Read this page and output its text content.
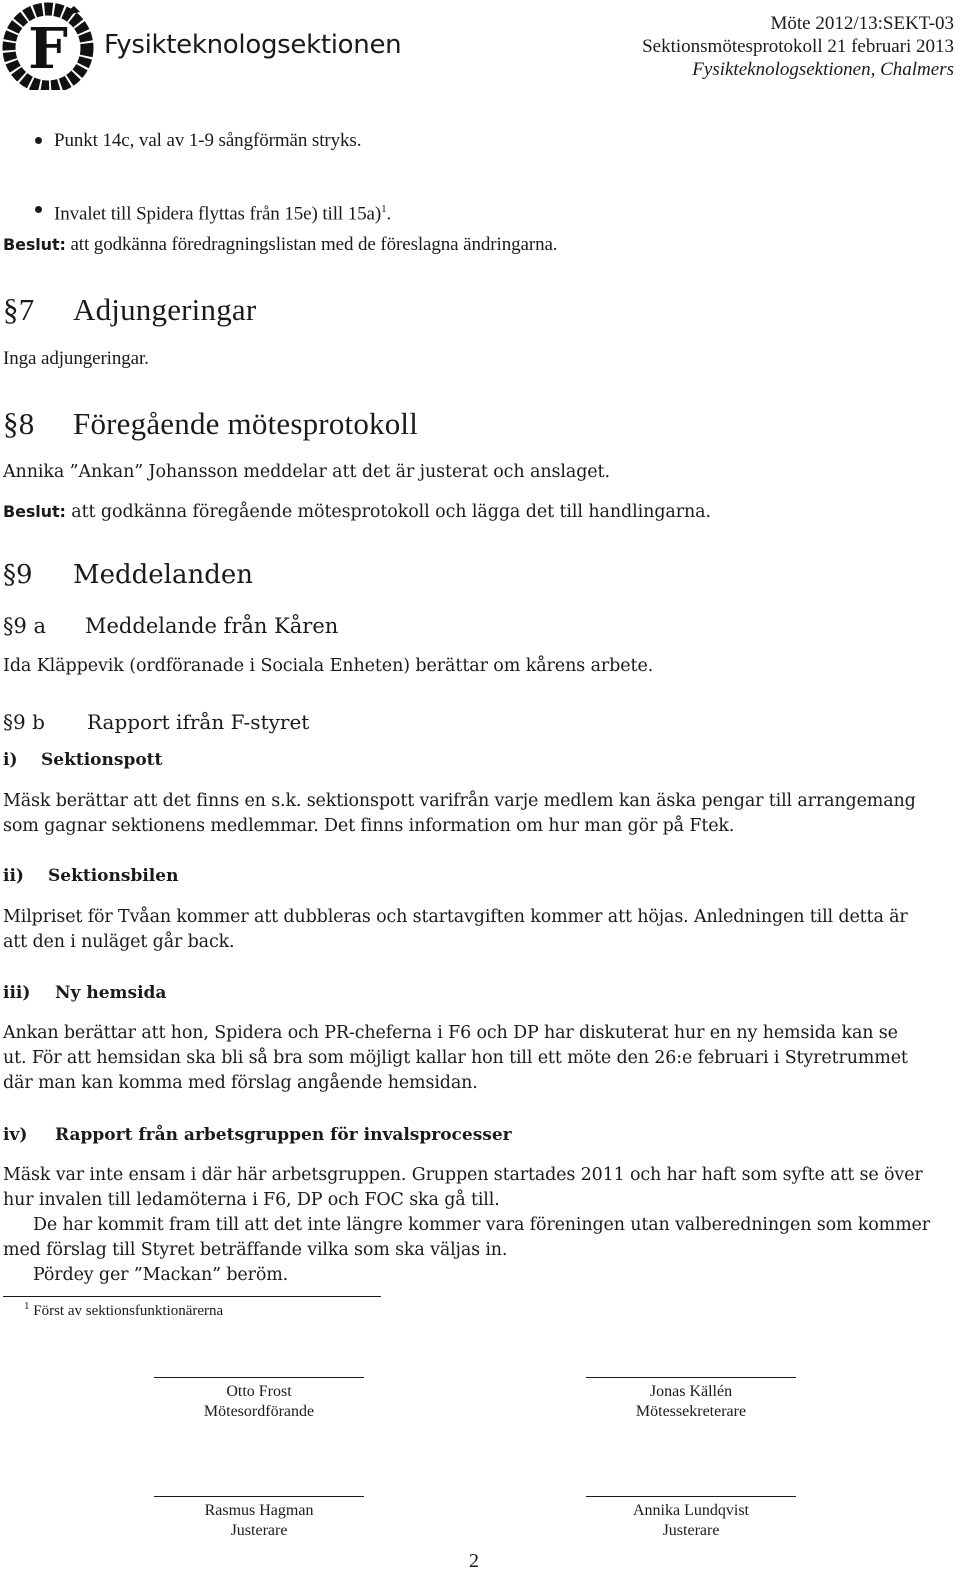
F Fysikteknologsektionen
Möte 2012/13:SEKT-03
Sektionsmötesprotokoll 21 februari 2013
Fysikteknologsektionen, Chalmers
Punkt 14c, val av 1-9 sångförmän stryks.
Invalet till Spidera flyttas från 15e) till 15a)$^1$.
Beslut: att godkänna föredragningslistan med de föreslagna ändringarna.
§7 Adjungeringar
Inga adjungeringar.
§8 Föregående mötesprotokoll
Annika ”Ankan” Johansson meddelar att det är justerat och anslaget.
Beslut: att godkänna föregående mötesprotokoll och lägga det till handlingarna.
§9 Meddelanden
§9 a Meddelande från Kåren
Ida Kläppevik (ordföranade i Sociala Enheten) berättar om kårens arbete.
§9 b Rapport ifrån F-styret
i) Sektionspott
Mäsk berättar att det finns en s.k. sektionspott varifrån varje medlem kan äska pengar till arrangemang
som gagnar sektionens medlemmar. Det finns information om hur man gör på Ftek.
ii) Sektionsbilen
Milpriset för Tvåan kommer att dubbleras och startavgiften kommer att höjas. Anledningen till detta är
att den i nuläget går back.
iii) Ny hemsida
Ankan berättar att hon, Spidera och PR-cheferna i F6 och DP har diskuterat hur en ny hemsida kan se
ut. För att hemsidan ska bli så bra som möjligt kallar hon till ett möte den 26:e februari i Styretrummet
där man kan komma med förslag angående hemsidan.
iv) Rapport från arbetsgruppen för invalsprocesser
Mäsk var inte ensam i där här arbetsgruppen. Gruppen startades 2011 och har haft som syfte att se över
hur invalen till ledamöterna i F6, DP och FOC ska gå till.
De har kommit fram till att det inte längre kommer vara föreningen utan valberedningen som kommer
med förslag till Styret beträffande vilka som ska väljas in.
Pördey ger ”Mackan” beröm.
$^1$ Först av sektionsfunktionärerna
Otto Frost
Mötesordförande
Jonas Källén
Mötessekreterare
Rasmus Hagman
Justerare
Annika Lundqvist
Justerare
2
